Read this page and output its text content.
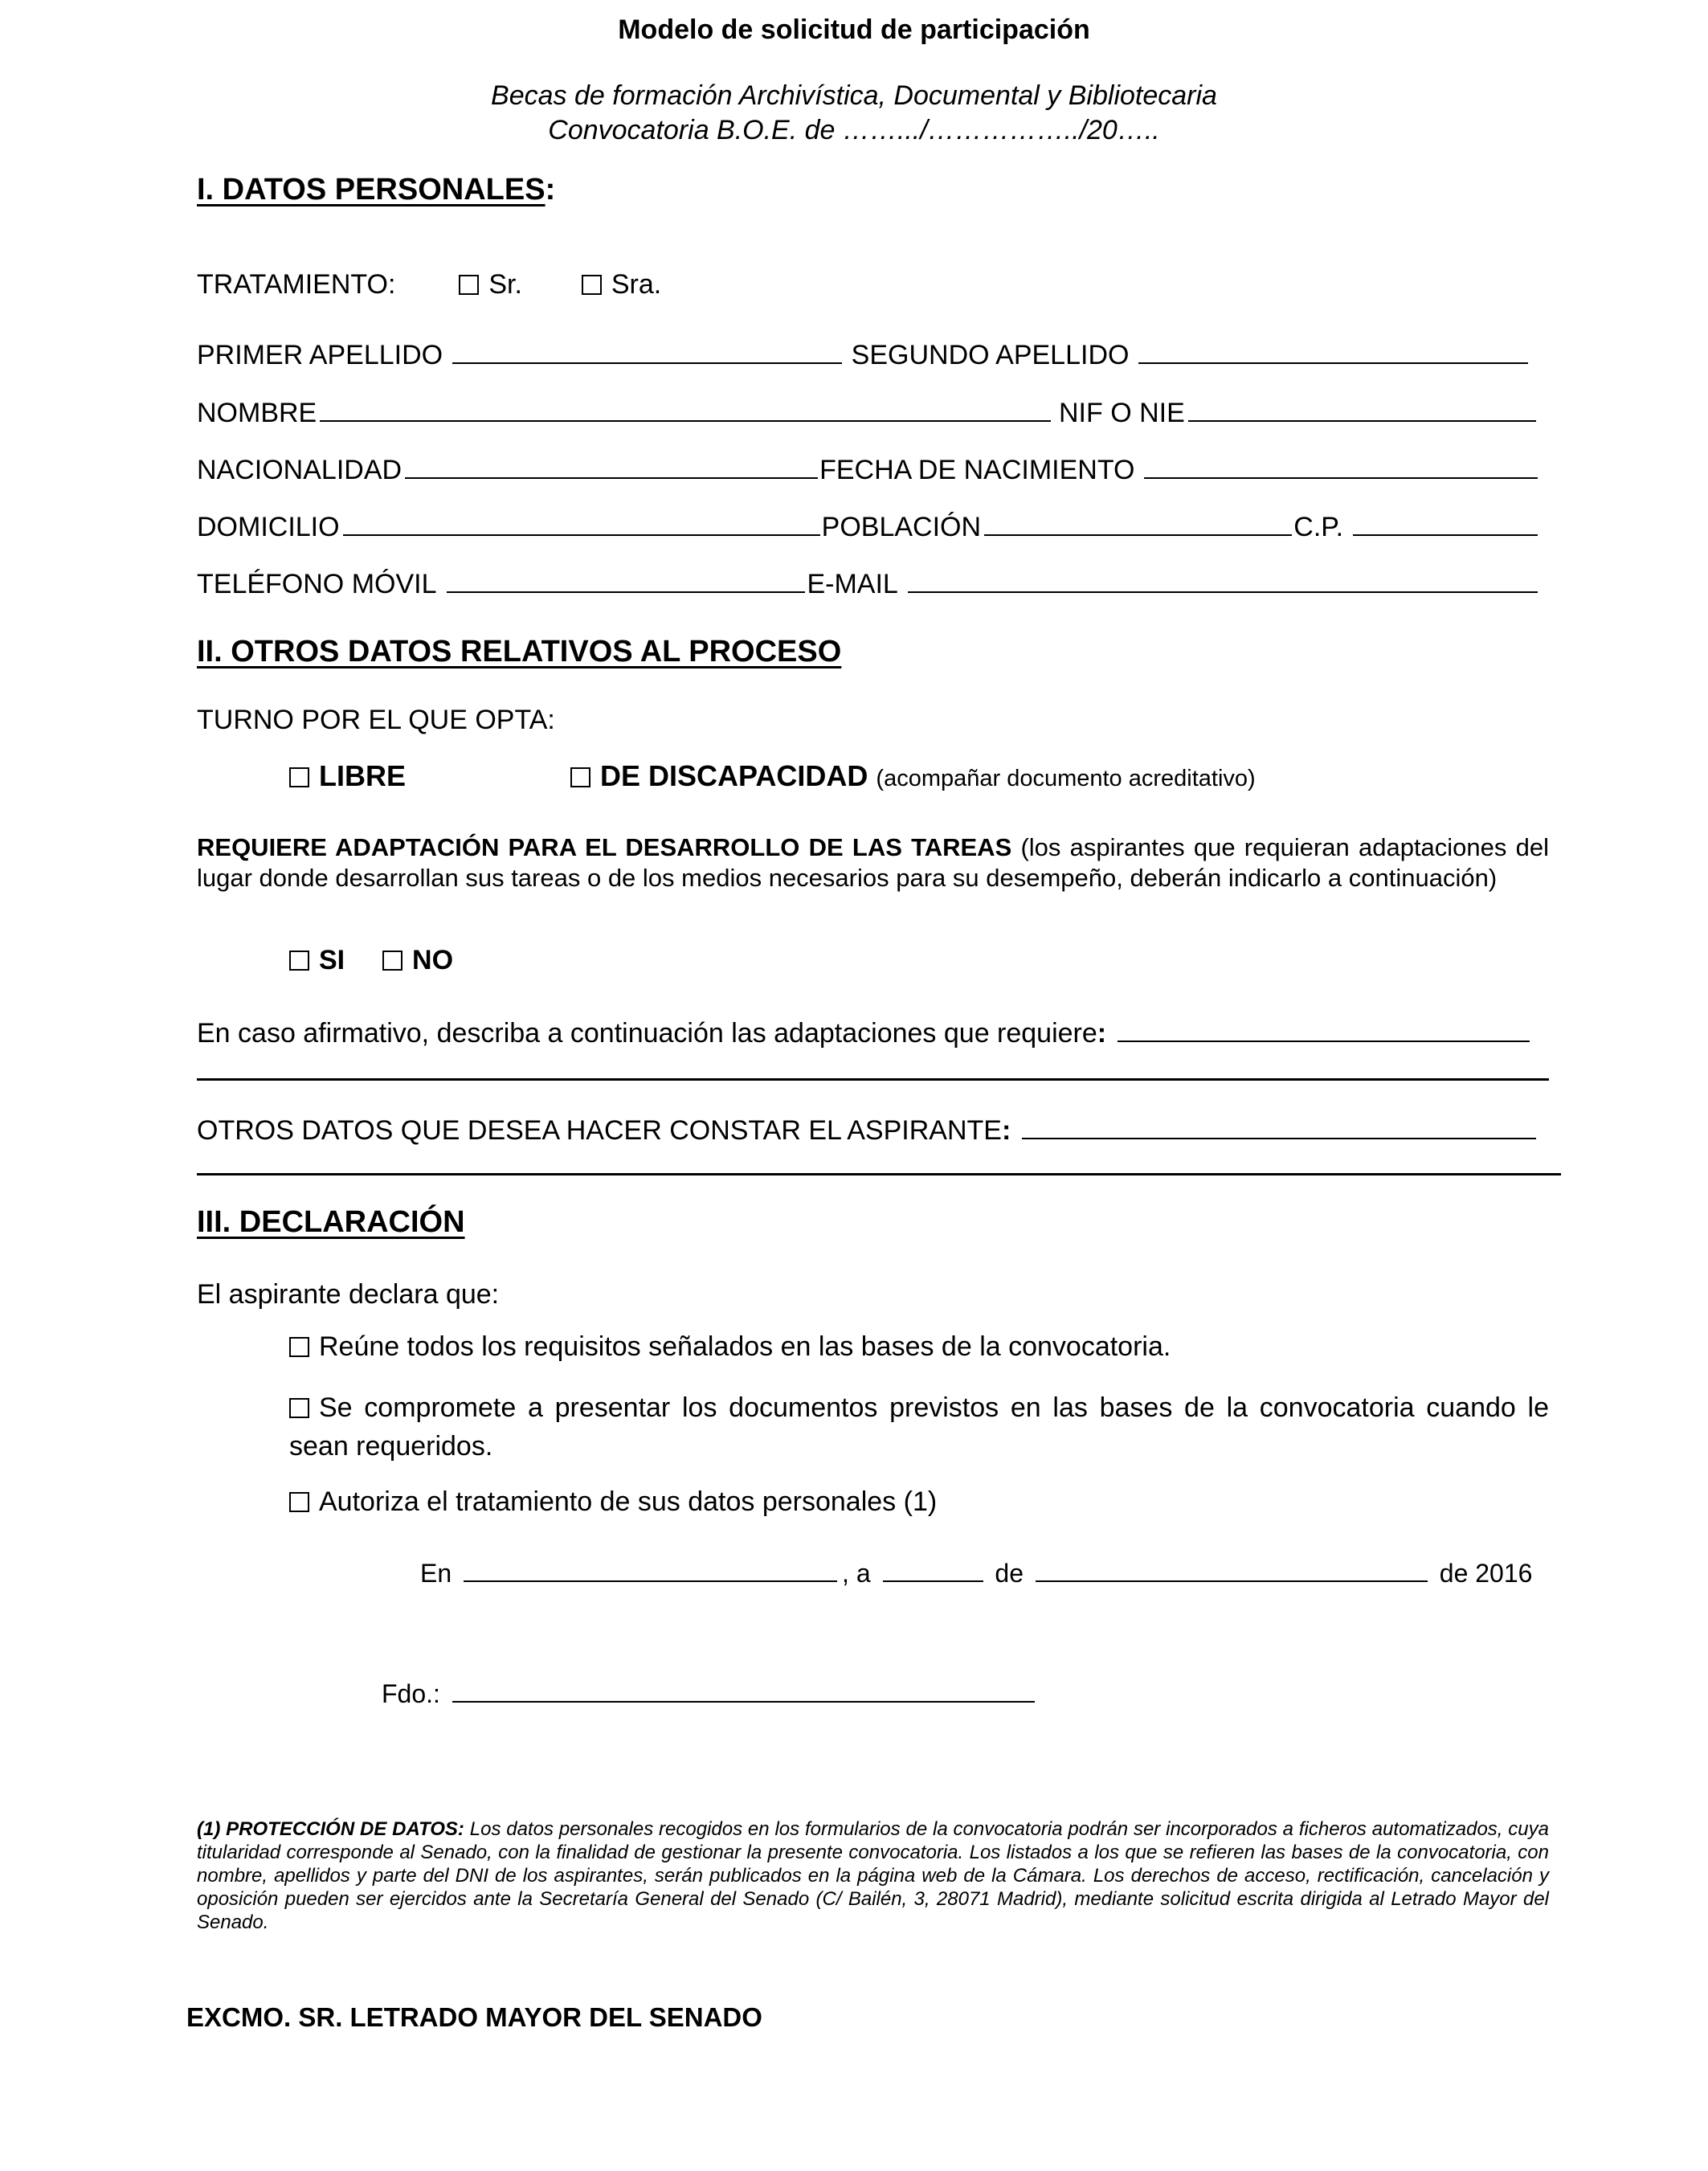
Modelo de solicitud de participación
Becas de formación Archivística, Documental y Bibliotecaria
Convocatoria B.O.E. de …….../……………../20…..
I. DATOS PERSONALES:
TRATAMIENTO:	Sr.	Sra.
PRIMER APELLIDO	SEGUNDO APELLIDO
NOMBRE	NIF O NIE
NACIONALIDAD	FECHA DE NACIMIENTO
DOMICILIO	POBLACIÓN	C.P.
TELÉFONO MÓVIL	E-MAIL
II. OTROS DATOS RELATIVOS AL PROCESO
TURNO POR EL QUE OPTA:
LIBRE	DE DISCAPACIDAD (acompañar documento acreditativo)
REQUIERE ADAPTACIÓN PARA EL DESARROLLO DE LAS TAREAS (los aspirantes que requieran adaptaciones del lugar donde desarrollan sus tareas o de los medios necesarios para su desempeño, deberán indicarlo a continuación)
SI NO
En caso afirmativo, describa a continuación las adaptaciones que requiere :
OTROS DATOS QUE DESEA HACER CONSTAR EL ASPIRANTE :
III. DECLARACIÓN
El aspirante declara que:
Reúne todos los requisitos señalados en las bases de la convocatoria.
Se compromete a presentar los documentos previstos en las bases de la convocatoria cuando le sean requeridos.
Autoriza el tratamiento de sus datos personales (1)
En	, a	de	de 2016
Fdo.:
(1) PROTECCIÓN DE DATOS: Los datos personales recogidos en los formularios de la convocatoria podrán ser incorporados a ficheros automatizados, cuya titularidad corresponde al Senado, con la finalidad de gestionar la presente convocatoria. Los listados a los que se refieren las bases de la convocatoria, con nombre, apellidos y parte del DNI de los aspirantes, serán publicados en la página web de la Cámara. Los derechos de acceso, rectificación, cancelación y oposición pueden ser ejercidos ante la Secretaría General del Senado (C/ Bailén, 3, 28071 Madrid), mediante solicitud escrita dirigida al Letrado Mayor del Senado.
EXCMO. SR. LETRADO MAYOR DEL SENADO
